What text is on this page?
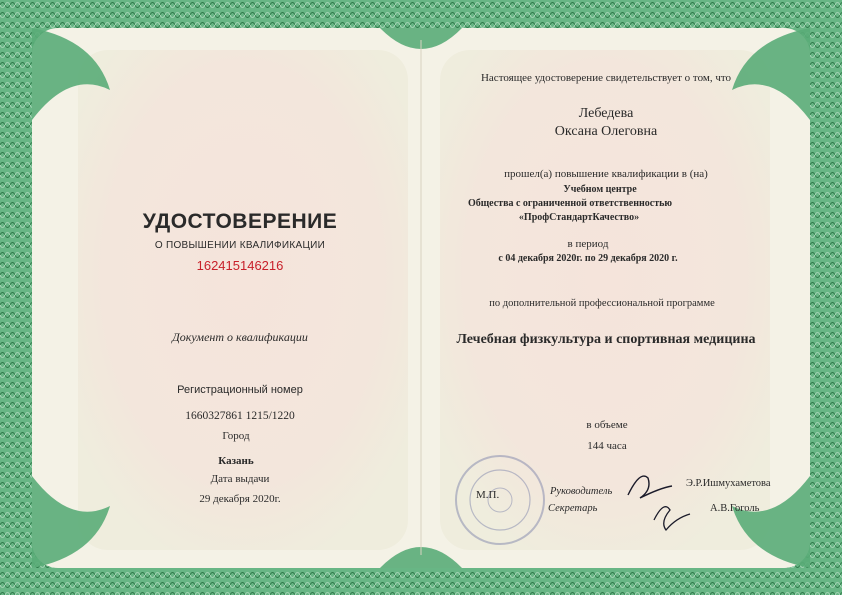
УДОСТОВЕРЕНИЕ
О ПОВЫШЕНИИ КВАЛИФИКАЦИИ
162415146216
Документ о квалификации
Регистрационный номер
1660327861 1215/1220
Город
Казань
Дата выдачи
29 декабря 2020г.
Настоящее удостоверение свидетельствует о том, что
Лебедева
Оксана Олеговна
прошел(а) повышение квалификации в (на)
Учебном центре
Общества с ограниченной ответственностью
«ПрофСтандартКачество»
в период
с 04 декабря 2020г. по 29 декабря 2020 г.
по дополнительной профессиональной программе
Лечебная физкультура и спортивная медицина
в объеме
144 часа
М.П.	Руководитель
Э.Р.Ишмухаметова
Секретарь	А.В.Гоголь
